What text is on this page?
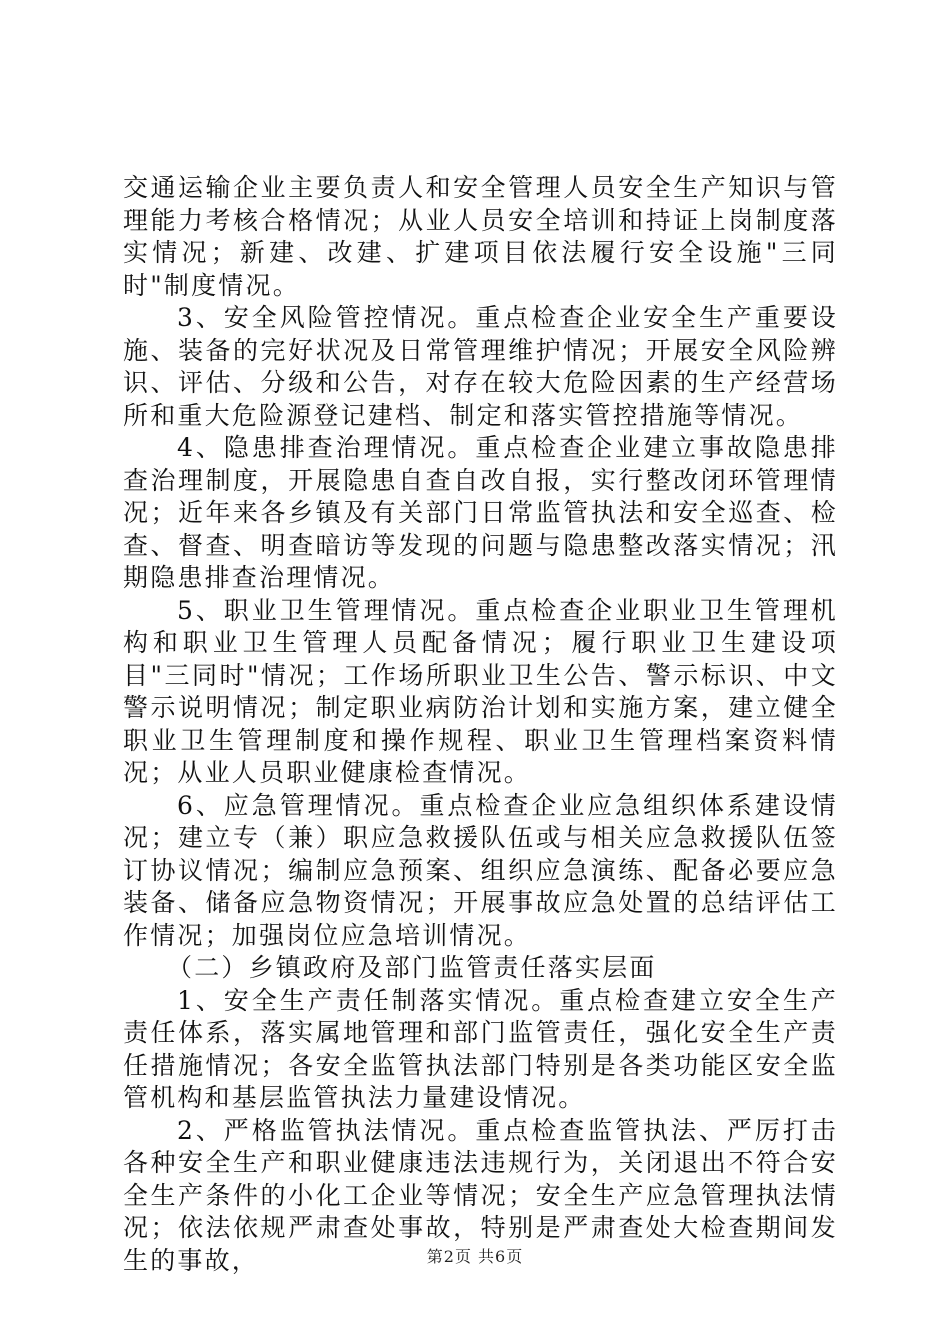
交通运输企业主要负责人和安全管理人员安全生产知识与管理能力考核合格情况；从业人员安全培训和持证上岗制度落实情况；新建、改建、扩建项目依法履行安全设施"三同时"制度情况。

3、安全风险管控情况。重点检查企业安全生产重要设施、装备的完好状况及日常管理维护情况；开展安全风险辨识、评估、分级和公告，对存在较大危险因素的生产经营场所和重大危险源登记建档、制定和落实管控措施等情况。

4、隐患排查治理情况。重点检查企业建立事故隐患排查治理制度，开展隐患自查自改自报，实行整改闭环管理情况；近年来各乡镇及有关部门日常监管执法和安全巡查、检查、督查、明查暗访等发现的问题与隐患整改落实情况；汛期隐患排查治理情况。

5、职业卫生管理情况。重点检查企业职业卫生管理机构和职业卫生管理人员配备情况；履行职业卫生建设项目"三同时"情况；工作场所职业卫生公告、警示标识、中文警示说明情况；制定职业病防治计划和实施方案，建立健全职业卫生管理制度和操作规程、职业卫生管理档案资料情况；从业人员职业健康检查情况。

6、应急管理情况。重点检查企业应急组织体系建设情况；建立专（兼）职应急救援队伍或与相关应急救援队伍签订协议情况；编制应急预案、组织应急演练、配备必要应急装备、储备应急物资情况；开展事故应急处置的总结评估工作情况；加强岗位应急培训情况。

（二）乡镇政府及部门监管责任落实层面

1、安全生产责任制落实情况。重点检查建立安全生产责任体系，落实属地管理和部门监管责任，强化安全生产责任措施情况；各安全监管执法部门特别是各类功能区安全监管机构和基层监管执法力量建设情况。

2、严格监管执法情况。重点检查监管执法、严厉打击各种安全生产和职业健康违法违规行为，关闭退出不符合安全生产条件的小化工企业等情况；安全生产应急管理执法情况；依法依规严肃查处事故，特别是严肃查处大检查期间发生的事故，	第2页 共6页
